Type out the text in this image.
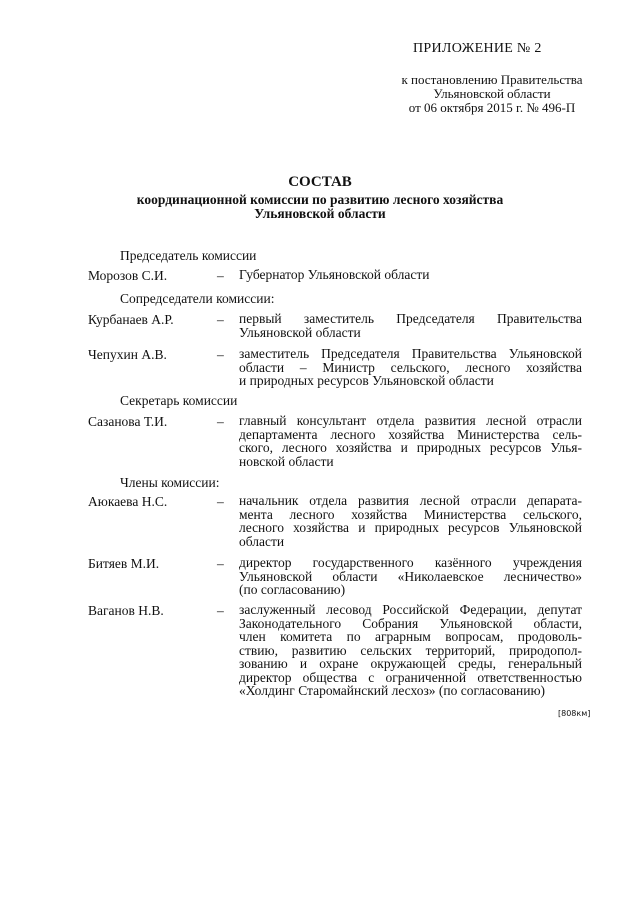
ПРИЛОЖЕНИЕ № 2
к постановлению Правительства
Ульяновской области
от 06 октября 2015 г. № 496-П
СОСТАВ
координационной комиссии по развитию лесного хозяйства
Ульяновской области
Председатель комиссии
Морозов С.И.	– Губернатор Ульяновской области
Сопредседатели комиссии:
Курбанаев А.Р.	– первый заместитель Председателя Правительства
Ульяновской области
Чепухин А.В.	– заместитель Председателя Правительства Ульяновской
области – Министр сельского, лесного хозяйства
и природных ресурсов Ульяновской области
Секретарь комиссии
Сазанова Т.И.	– главный консультант отдела развития лесной отрасли
департамента лесного хозяйства Министерства сель-
ского, лесного хозяйства и природных ресурсов Улья-
новской области
Члены комиссии:
Аюкаева Н.С.	– начальник отдела развития лесной отрасли депарата-
мента лесного хозяйства Министерства сельского,
лесного хозяйства и природных ресурсов Ульяновской
области
Битяев М.И.	– директор государственного казённого учреждения
Ульяновской области «Николаевское лесничество»
(по согласованию)
Ваганов Н.В.	– заслуженный лесовод Российской Федерации, депутат
Законодательного Собрания Ульяновской области,
член комитета по аграрным вопросам, продоволь-
ствию, развитию сельских территорий, природопол-
зованию и охране окружающей среды, генеральный
директор общества с ограниченной ответственностью
«Холдинг Старомайнский лесхоз» (по согласованию)
[808км]
